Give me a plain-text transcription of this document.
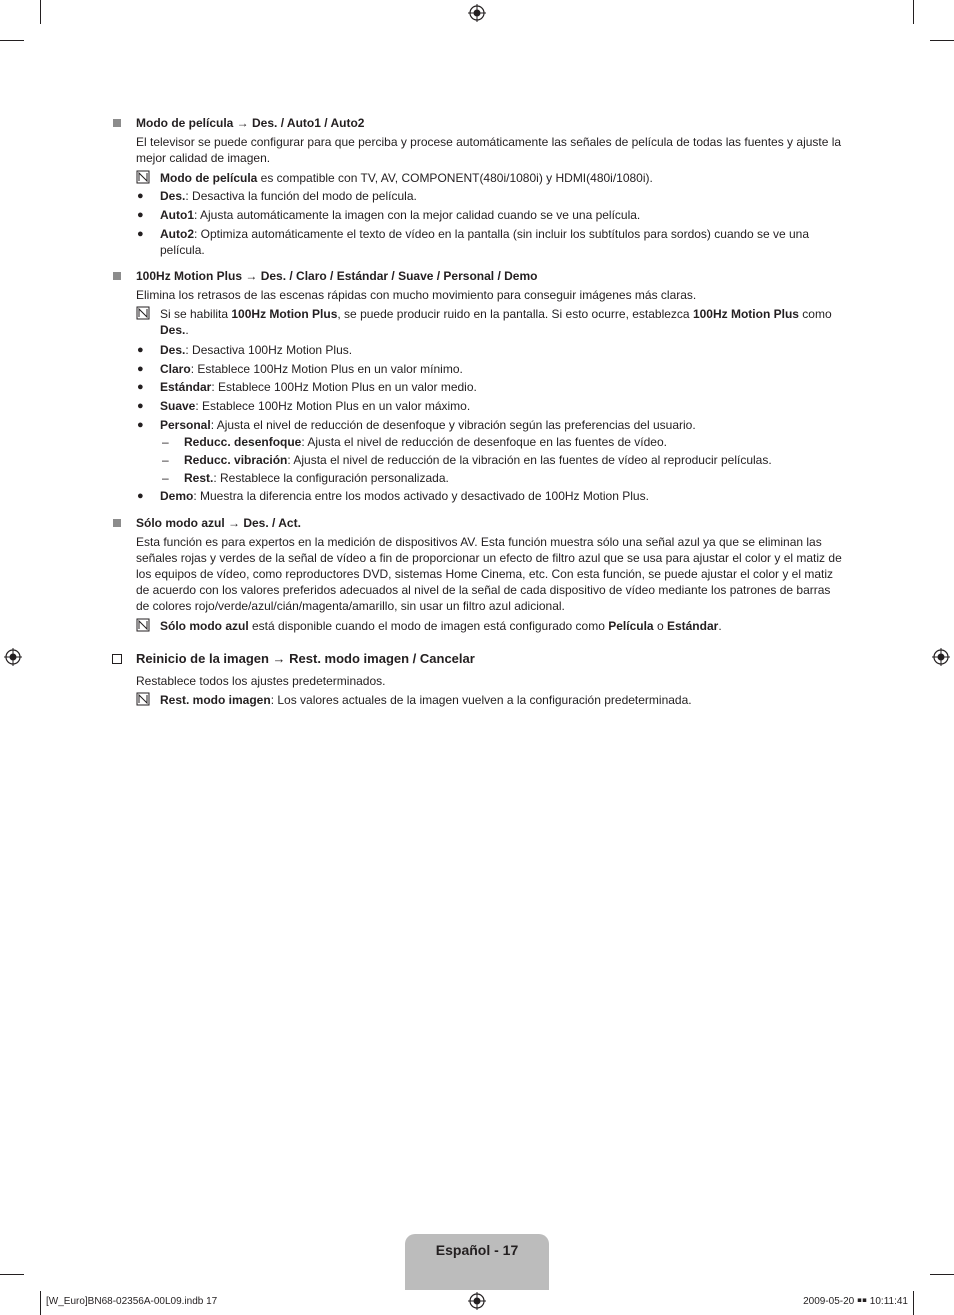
Modo de película → Des. / Auto1 / Auto2
El televisor se puede configurar para que perciba y procese automáticamente las señales de película de todas las fuentes y ajuste la mejor calidad de imagen.
Modo de película es compatible con TV, AV, COMPONENT(480i/1080i) y HDMI(480i/1080i).
● Des.: Desactiva la función del modo de película.
● Auto1: Ajusta automáticamente la imagen con la mejor calidad cuando se ve una película.
● Auto2: Optimiza automáticamente el texto de vídeo en la pantalla (sin incluir los subtítulos para sordos) cuando se ve una película.
100Hz Motion Plus → Des. / Claro / Estándar / Suave / Personal / Demo
Elimina los retrasos de las escenas rápidas con mucho movimiento para conseguir imágenes más claras.
Si se habilita 100Hz Motion Plus, se puede producir ruido en la pantalla. Si esto ocurre, establezca 100Hz Motion Plus como Des..
● Des.: Desactiva 100Hz Motion Plus.
● Claro: Establece 100Hz Motion Plus en un valor mínimo.
● Estándar: Establece 100Hz Motion Plus en un valor medio.
● Suave: Establece 100Hz Motion Plus en un valor máximo.
● Personal: Ajusta el nivel de reducción de desenfoque y vibración según las preferencias del usuario.
– Reducc. desenfoque: Ajusta el nivel de reducción de desenfoque en las fuentes de vídeo.
– Reducc. vibración: Ajusta el nivel de reducción de la vibración en las fuentes de vídeo al reproducir películas.
– Rest.: Restablece la configuración personalizada.
● Demo: Muestra la diferencia entre los modos activado y desactivado de 100Hz Motion Plus.
Sólo modo azul → Des. / Act.
Esta función es para expertos en la medición de dispositivos AV. Esta función muestra sólo una señal azul ya que se eliminan las señales rojas y verdes de la señal de vídeo a fin de proporcionar un efecto de filtro azul que se usa para ajustar el color y el matiz de los equipos de vídeo, como reproductores DVD, sistemas Home Cinema, etc. Con esta función, se puede ajustar el color y el matiz de acuerdo con los valores preferidos adecuados al nivel de la señal de cada dispositivo de vídeo mediante los patrones de barras de colores rojo/verde/azul/cián/magenta/amarillo, sin usar un filtro azul adicional.
Sólo modo azul está disponible cuando el modo de imagen está configurado como Película o Estándar.
Reinicio de la imagen → Rest. modo imagen / Cancelar
Restablece todos los ajustes predeterminados.
Rest. modo imagen: Los valores actuales de la imagen vuelven a la configuración predeterminada.
Español - 17
[W_Euro]BN68-02356A-00L09.indb 17	2009-05-20 ￭￭ 10:11:41
